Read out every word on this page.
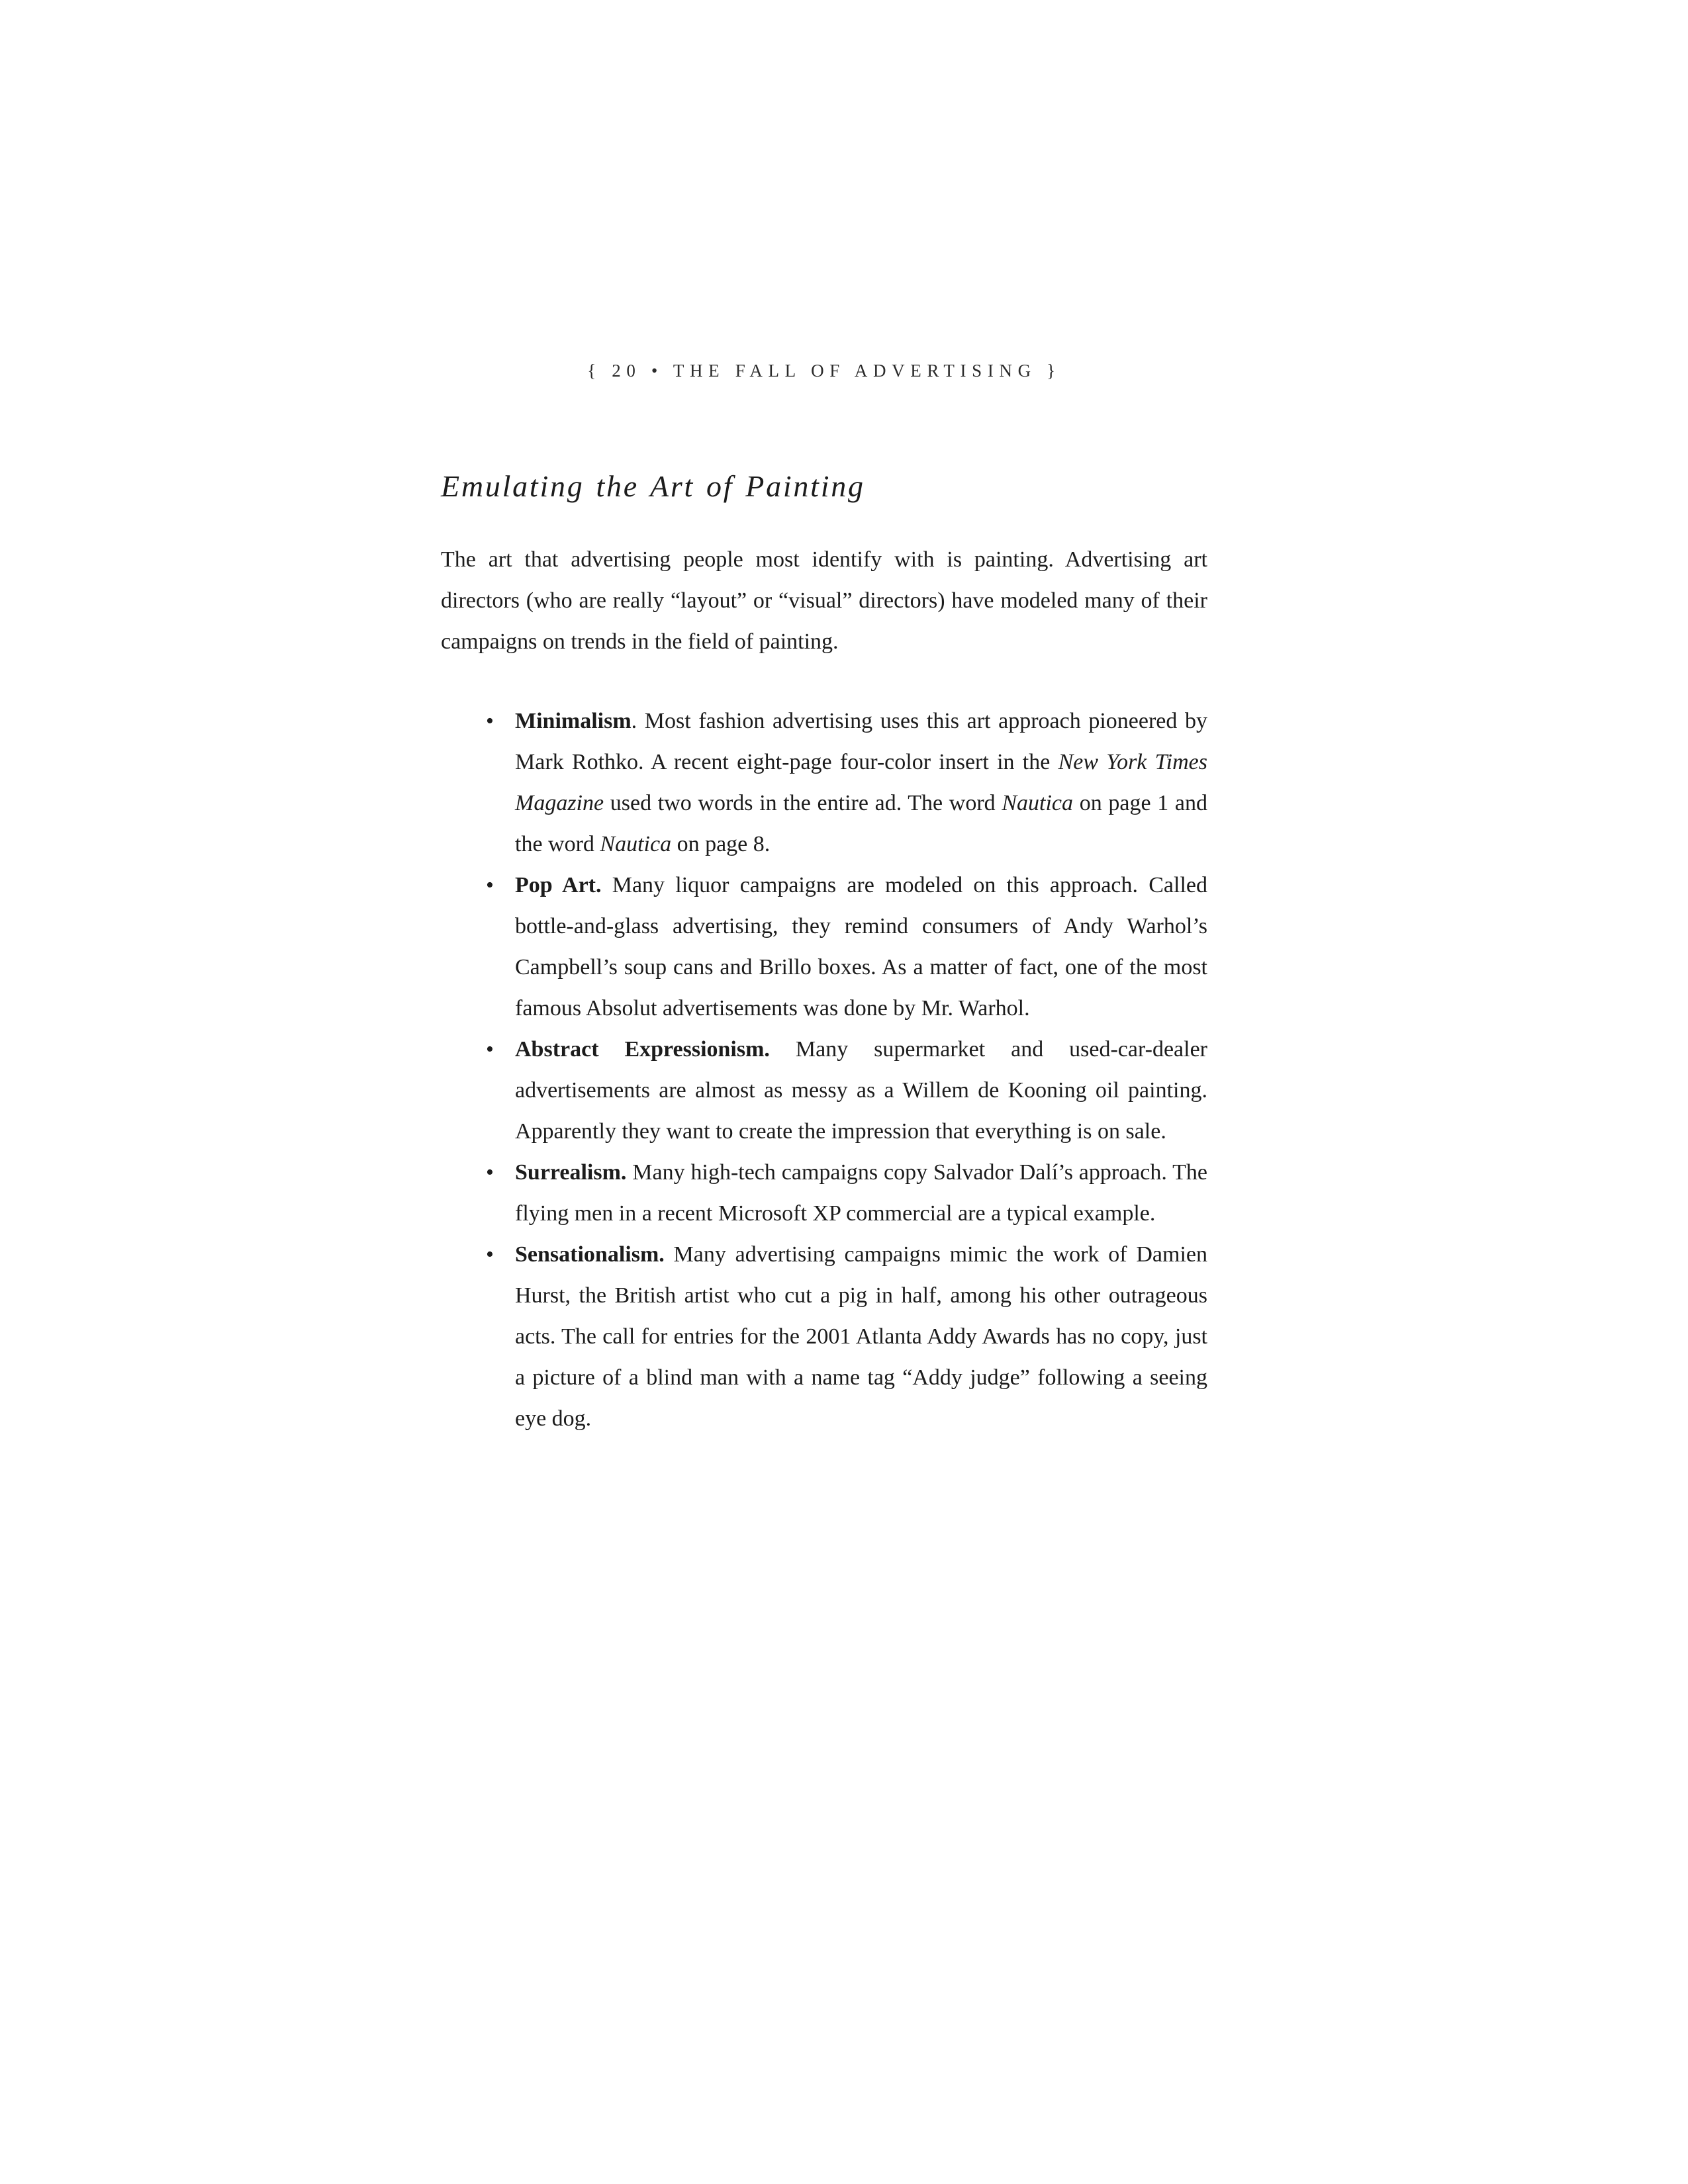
{ 20 • THE FALL OF ADVERTISING }
Emulating the Art of Painting

The art that advertising people most identify with is painting. Advertising art directors (who are really “layout” or “visual” directors) have modeled many of their campaigns on trends in the field of painting.

• Minimalism. Most fashion advertising uses this art approach pioneered by Mark Rothko. A recent eight-page four-color insert in the New York Times Magazine used two words in the entire ad. The word Nautica on page 1 and the word Nautica on page 8.
• Pop Art. Many liquor campaigns are modeled on this approach. Called bottle-and-glass advertising, they remind consumers of Andy Warhol’s Campbell’s soup cans and Brillo boxes. As a matter of fact, one of the most famous Absolut advertisements was done by Mr. Warhol.
• Abstract Expressionism. Many supermarket and used-car-dealer advertisements are almost as messy as a Willem de Kooning oil painting. Apparently they want to create the impression that everything is on sale.
• Surrealism. Many high-tech campaigns copy Salvador Dalí’s approach. The flying men in a recent Microsoft XP commercial are a typical example.
• Sensationalism. Many advertising campaigns mimic the work of Damien Hurst, the British artist who cut a pig in half, among his other outrageous acts. The call for entries for the 2001 Atlanta Addy Awards has no copy, just a picture of a blind man with a name tag “Addy judge” following a seeing eye dog.
